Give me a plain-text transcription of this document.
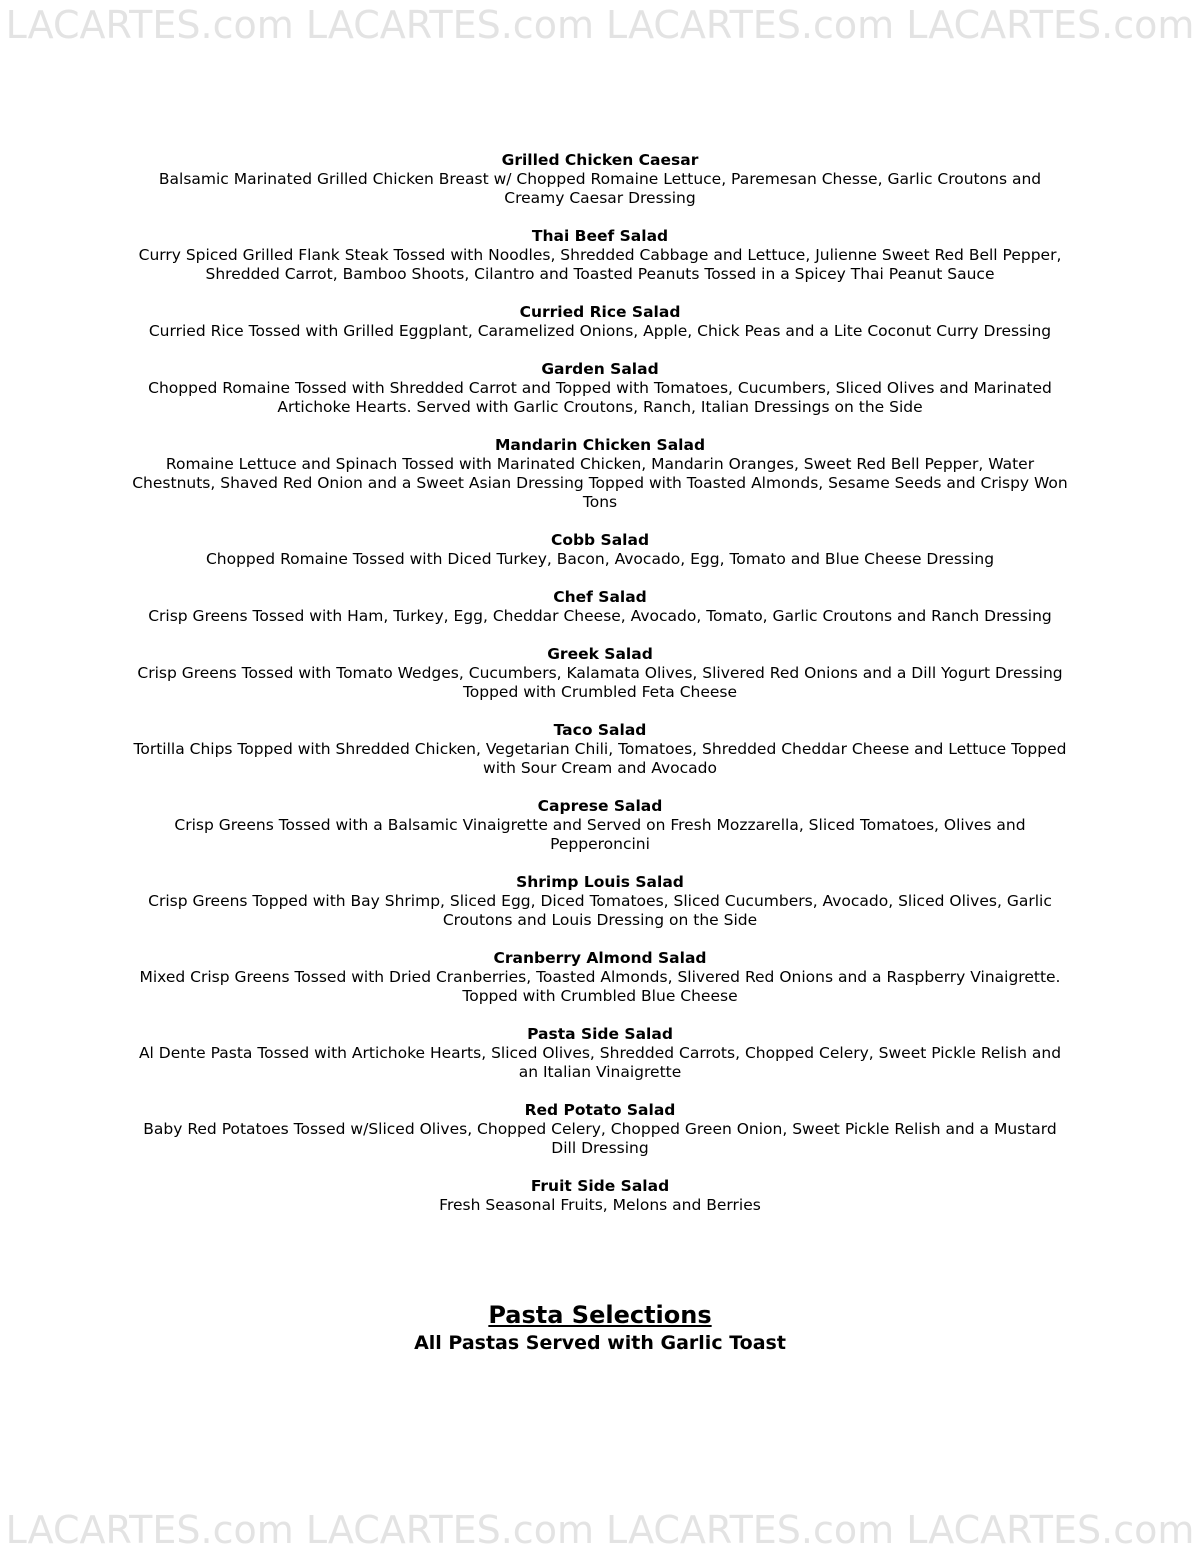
LACARTES.com LACARTES.com LACARTES.com LACARTES.com
Grilled Chicken Caesar
Balsamic Marinated Grilled Chicken Breast w/ Chopped Romaine Lettuce, Paremesan Chesse, Garlic Croutons and Creamy Caesar Dressing
Thai Beef Salad
Curry Spiced Grilled Flank Steak Tossed with Noodles, Shredded Cabbage and Lettuce, Julienne Sweet Red Bell Pepper, Shredded Carrot, Bamboo Shoots, Cilantro and Toasted Peanuts Tossed in a Spicey Thai Peanut Sauce
Curried Rice Salad
Curried Rice Tossed with Grilled Eggplant, Caramelized Onions, Apple, Chick Peas and a Lite Coconut Curry Dressing
Garden Salad
Chopped Romaine Tossed with Shredded Carrot and Topped with Tomatoes, Cucumbers, Sliced Olives and Marinated Artichoke Hearts. Served with Garlic Croutons, Ranch, Italian Dressings on the Side
Mandarin Chicken Salad
Romaine Lettuce and Spinach Tossed with Marinated Chicken, Mandarin Oranges, Sweet Red Bell Pepper, Water Chestnuts, Shaved Red Onion and a Sweet Asian Dressing Topped with Toasted Almonds, Sesame Seeds and Crispy Won Tons
Cobb Salad
Chopped Romaine Tossed with Diced Turkey, Bacon, Avocado, Egg, Tomato and Blue Cheese Dressing
Chef Salad
Crisp Greens Tossed with Ham, Turkey, Egg, Cheddar Cheese, Avocado, Tomato, Garlic Croutons and Ranch Dressing
Greek Salad
Crisp Greens Tossed with Tomato Wedges, Cucumbers, Kalamata Olives, Slivered Red Onions and a Dill Yogurt Dressing Topped with Crumbled Feta Cheese
Taco Salad
Tortilla Chips Topped with Shredded Chicken, Vegetarian Chili, Tomatoes, Shredded Cheddar Cheese and Lettuce Topped with Sour Cream and Avocado
Caprese Salad
Crisp Greens Tossed with a Balsamic Vinaigrette and Served on Fresh Mozzarella, Sliced Tomatoes, Olives and Pepperoncini
Shrimp Louis Salad
Crisp Greens Topped with Bay Shrimp, Sliced Egg, Diced Tomatoes, Sliced Cucumbers, Avocado, Sliced Olives, Garlic Croutons and Louis Dressing on the Side
Cranberry Almond Salad
Mixed Crisp Greens Tossed with Dried Cranberries, Toasted Almonds, Slivered Red Onions and a Raspberry Vinaigrette. Topped with Crumbled Blue Cheese
Pasta Side Salad
Al Dente Pasta Tossed with Artichoke Hearts, Sliced Olives, Shredded Carrots, Chopped Celery, Sweet Pickle Relish and an Italian Vinaigrette
Red Potato Salad
Baby Red Potatoes Tossed w/Sliced Olives, Chopped Celery, Chopped Green Onion, Sweet Pickle Relish and a Mustard Dill Dressing
Fruit Side Salad
Fresh Seasonal Fruits, Melons and Berries
Pasta Selections
All Pastas Served with Garlic Toast
LACARTES.com LACARTES.com LACARTES.com LACARTES.com
